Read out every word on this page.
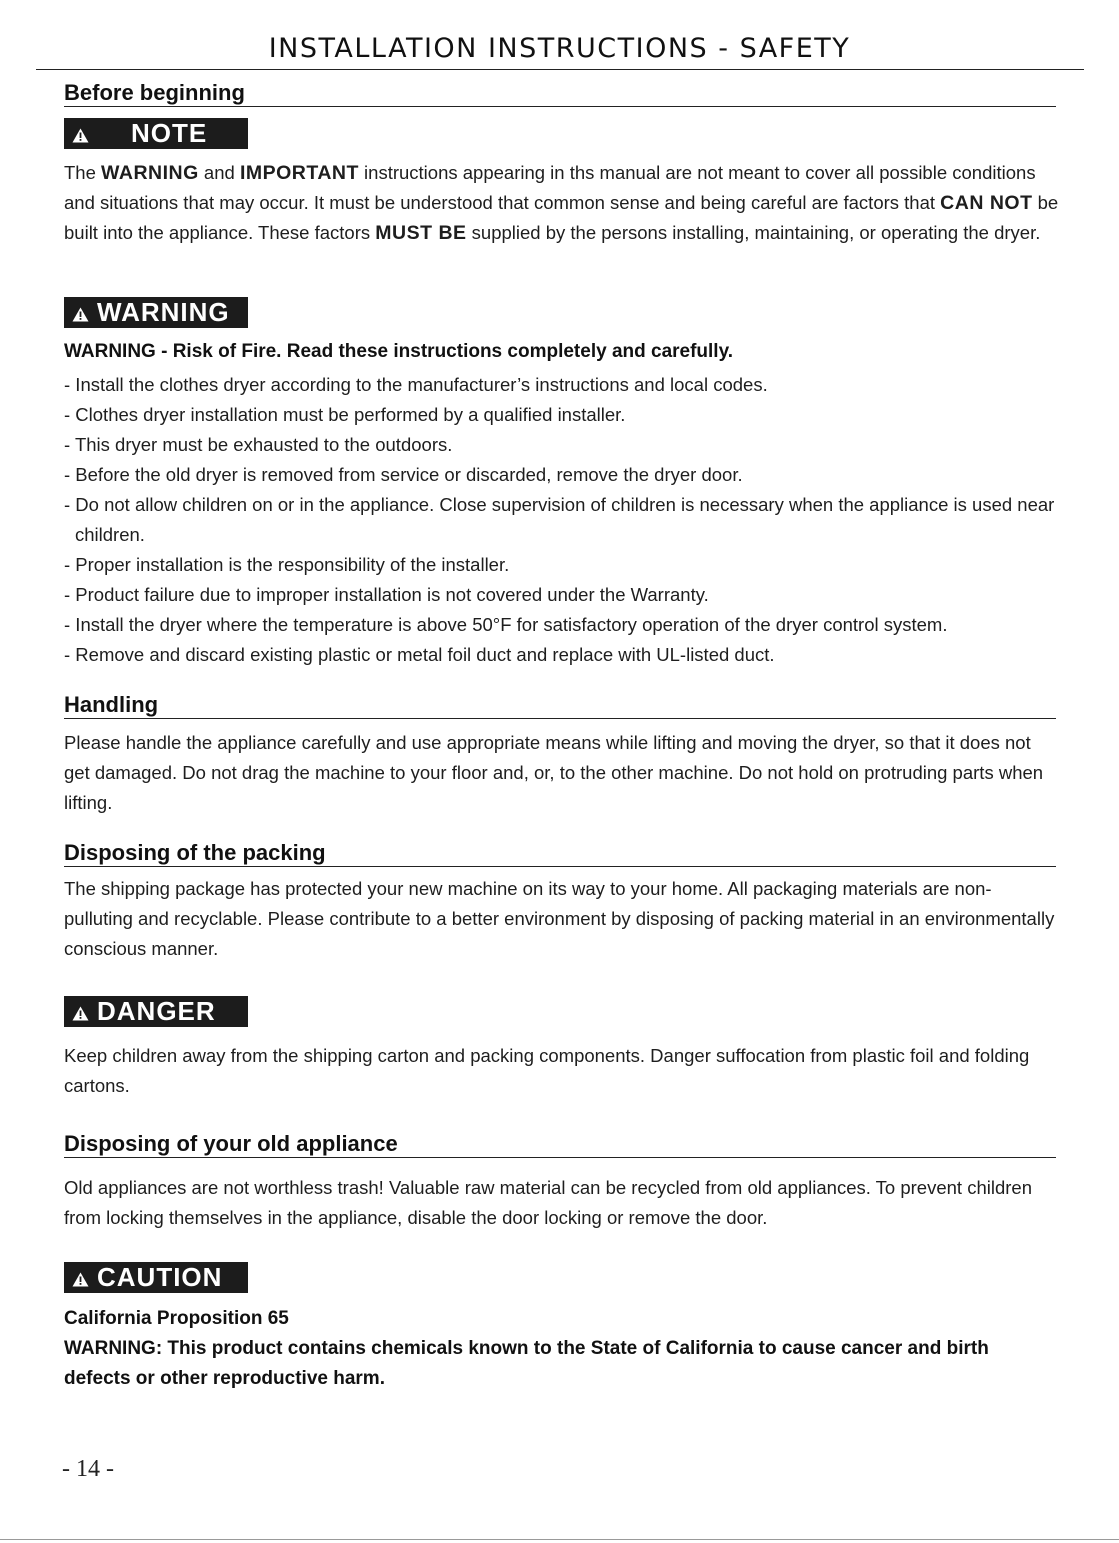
INSTALLATION INSTRUCTIONS - SAFETY
Before beginning
NOTE
The WARNING and IMPORTANT instructions appearing in ths manual are not meant to cover all possible conditions and situations that may occur. It must be understood that common sense and being careful are factors that CAN NOT be built into the appliance. These factors MUST BE supplied by the persons installing, maintaining, or operating the dryer.
WARNING
WARNING - Risk of Fire. Read these instructions completely and carefully.
- Install the clothes dryer according to the manufacturer’s instructions and local codes.
- Clothes dryer installation must be performed by a qualified installer.
- This dryer must be exhausted to the outdoors.
- Before the old dryer is removed from service or discarded, remove the dryer door.
- Do not allow children on or in the appliance. Close supervision of children is necessary when the appliance is used near children.
- Proper installation is the responsibility of the installer.
- Product failure due to improper installation is not covered under the Warranty.
- Install the dryer where the temperature is above 50°F for satisfactory operation of the dryer control system.
- Remove and discard existing plastic or metal foil duct and replace with UL-listed duct.
Handling
Please handle the appliance carefully and use appropriate means while lifting and moving the dryer, so that it does not get damaged. Do not drag the machine to your floor and, or, to the other machine. Do not hold on protruding parts when lifting.
Disposing of the packing
The shipping package has protected your new machine on its way to your home. All packaging materials are non-pulluting and recyclable. Please contribute to a better environment by disposing of packing material in an environmentally conscious manner.
DANGER
Keep children away from the shipping carton and packing components. Danger suffocation from plastic foil and folding cartons.
Disposing of your old appliance
Old appliances are not worthless trash! Valuable raw material can be recycled from old appliances. To prevent children from locking themselves in the appliance, disable the door locking or remove the door.
CAUTION
California Proposition 65
WARNING: This product contains chemicals known to the State of California to cause cancer and birth defects or other reproductive harm.
- 14 -
